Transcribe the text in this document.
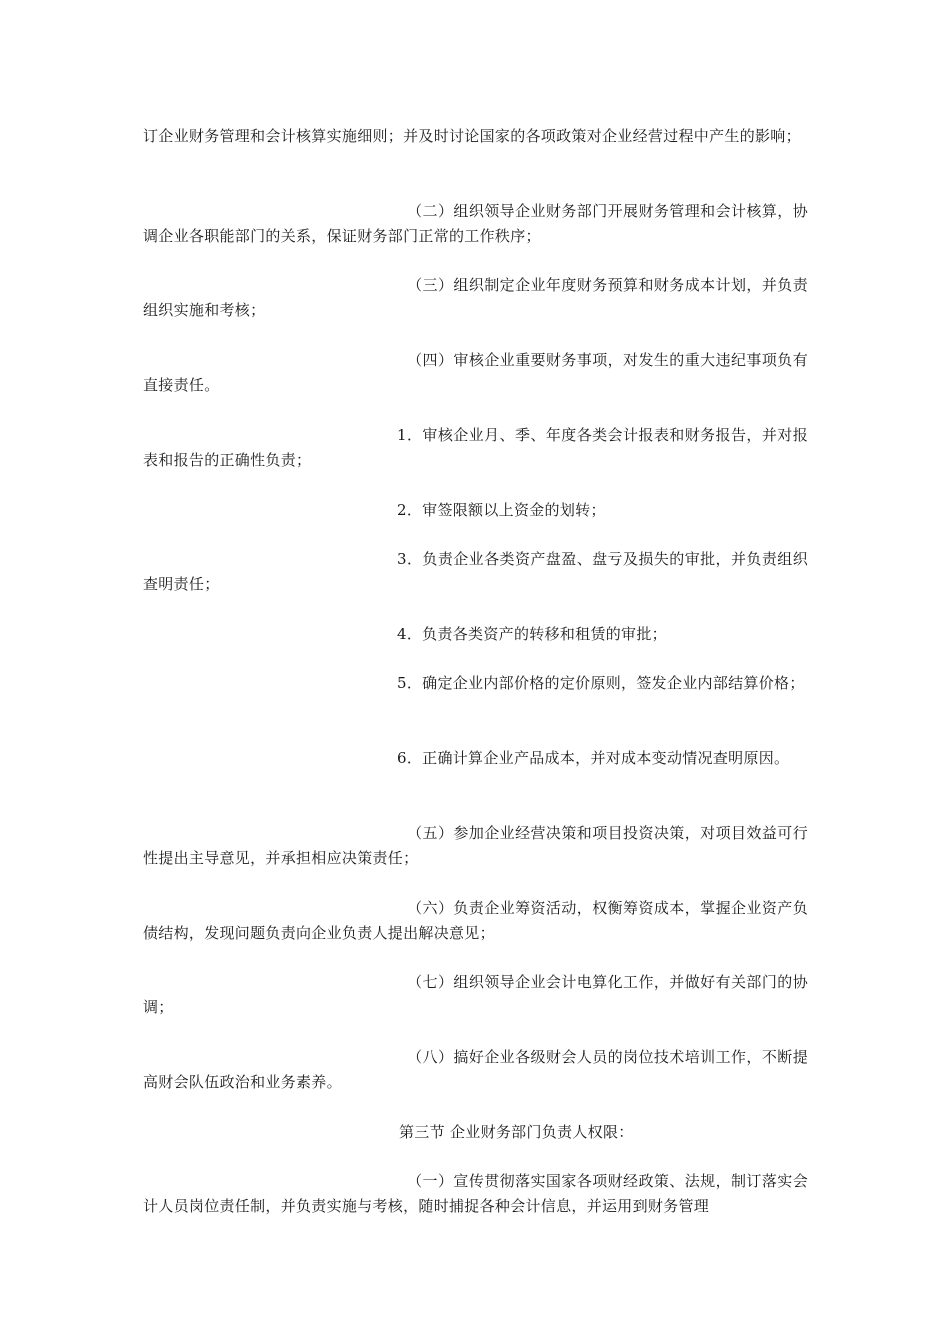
订企业财务管理和会计核算实施细则；并及时讨论国家的各项政策对企业经营过程中产生的影响；

（二）组织领导企业财务部门开展财务管理和会计核算，协调企业各职能部门的关系，保证财务部门正常的工作秩序；

（三）组织制定企业年度财务预算和财务成本计划，并负责组织实施和考核；

（四）审核企业重要财务事项，对发生的重大违纪事项负有直接责任。

1．审核企业月、季、年度各类会计报表和财务报告，并对报表和报告的正确性负责；

2．审签限额以上资金的划转；

3．负责企业各类资产盘盈、盘亏及损失的审批，并负责组织查明责任；

4．负责各类资产的转移和租赁的审批；

5．确定企业内部价格的定价原则，签发企业内部结算价格；

6．正确计算企业产品成本，并对成本变动情况查明原因。

（五）参加企业经营决策和项目投资决策，对项目效益可行性提出主导意见，并承担相应决策责任；

（六）负责企业筹资活动，权衡筹资成本，掌握企业资产负债结构，发现问题负责向企业负责人提出解决意见；

（七）组织领导企业会计电算化工作，并做好有关部门的协调；

（八）搞好企业各级财会人员的岗位技术培训工作，不断提高财会队伍政治和业务素养。

第三节 企业财务部门负责人权限：

（一）宣传贯彻落实国家各项财经政策、法规，制订落实会计人员岗位责任制，并负责实施与考核，随时捕捉各种会计信息，并运用到财务管理
